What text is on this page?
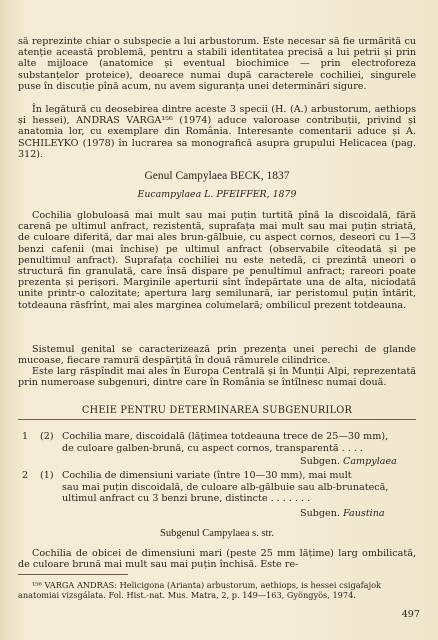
să reprezinte chiar o subspecie a lui arbustorum. Este necesar să fie urmărită cu atenție această problemă, pentru a stabili identitatea precisă a lui petrii și prin alte mijloace (anatomice și eventual biochimice — prin electroforeza substanțelor proteice), deoarece numai după caracterele cochiliei, singurele puse în discuție pînă acum, nu avem siguranța unei determinări sigure.
În legătură cu deosebirea dintre aceste 3 specii (H. (A.) arbustorum, aethiops și hessei), ANDRAS VARGA¹⁵⁶ (1974) aduce valoroase contribuții, privind și anatomia lor, cu exemplare din România. Interesante comentarii aduce și A. SCHILEYKO (1978) în lucrarea sa monografică asupra grupului Helicacea (pag. 312).
Genul Campylaea BECK, 1837
Eucampylaea L. PFEIFFER, 1879
Cochilia globuloasă mai mult sau mai puțin turtită pînă la discoidală, fără carenă pe ultimul anfract, rezistentă, suprafața mai mult sau mai puțin striată, de culoare diferită, dar mai ales brun-gălbuie, cu aspect cornos, deseori cu 1—3 benzi cafenii (mai închise) pe ultimul anfract (observabile cîteodată și pe penultimul anfract). Suprafața cochiliei nu este netedă, ci prezintă uneori o structură fin granulată, care însă dispare pe penultimul anfract; rareori poate prezenta și perișori. Marginile aperturii sînt îndepărtate una de alta, niciodată unite printr-o calozitate; apertura larg semilunară, iar peristomul puțin întărit, totdeauna răsfrînt, mai ales marginea columelară; ombilicul prezent totdeauna.
Sistemul genital se caracterizează prin prezența unei perechi de glande mucoase, fiecare ramură despărțită în două rămurele cilindrice.
Este larg răspîndit mai ales în Europa Centrală și în Munții Alpi, reprezentată prin numeroase subgenuri, dintre care în România se întîlnesc numai două.
CHEIE PENTRU DETERMINAREA SUBGENURILOR
1 (2) Cochilia mare, discoidală (lățimea totdeauna trece de 25—30 mm),
de culoare galben-brună, cu aspect cornos, transparentă . . . .
Subgen. Campylaea
2 (1) Cochilia de dimensiuni variate (între 10—30 mm), mai mult
sau mai puțin discoidală, de culoare alb-gălbuie sau alb-brunatecă, ultimul anfract cu 3 benzi brune, distincte . . . . . . .
Subgen. Faustina
Subgenul Campylaea s. str.
Cochilia de obicei de dimensiuni mari (peste 25 mm lățime) larg ombilicată, de culoare brună mai mult sau mai puțin închisă. Este re-
¹⁵⁶ VARGA ANDRAS: Helicigona (Arianta) arbustorum, aethiops, is hessei csigafajok anatomiai vizsgálata. Fol. Hist.-nat. Mus. Matra, 2, p. 149—163, Gyöngyös, 1974.
497
